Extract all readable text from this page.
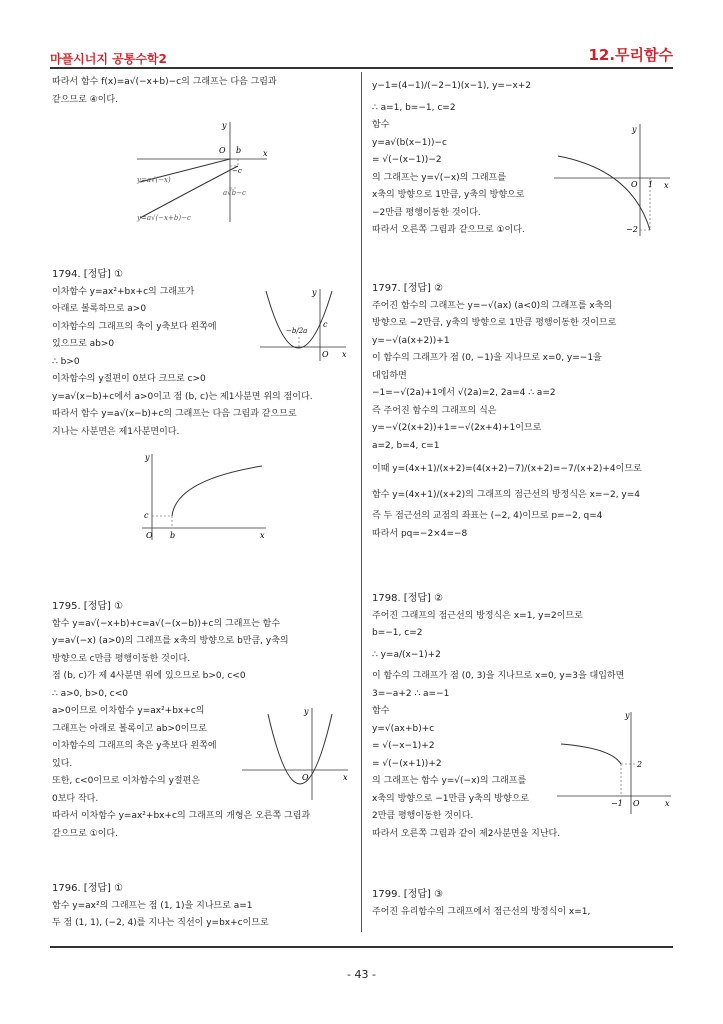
마플시너지 공통수학2	12.무리함수

따라서 함수 f(x)=a√(−x+b)−c의 그래프는 다음 그림과

같으므로 ④이다.

y
x
O b
−c
y=a√(−x)
a√b−c
y=a√(−x+b)−c

1794. [정답] ①

이차함수 y=ax²+bx+c의 그래프가

아래로 볼록하므로 a>0

이차함수의 그래프의 축이 y축보다 왼쪽에

있으므로 ab>0

∴ b>0

이차함수의 y절편이 0보다 크므로 c>0

y=a√(x−b)+c에서 a>0이고 점 (b, c)는 제1사분면 위의 점이다.

따라서 함수 y=a√(x−b)+c의 그래프는 다음 그림과 같으므로

지나는 사분면은 제1사분면이다.

y
x
O
c
−b/2a
y
x
O b
c

1795. [정답] ①

함수 y=a√(−x+b)+c=a√(−(x−b))+c의 그래프는 함수

y=a√(−x) (a>0)의 그래프를 x축의 방향으로 b만큼, y축의

방향으로 c만큼 평행이동한 것이다.

점 (b, c)가 제 4사분면 위에 있으므로 b>0, c<0

∴ a>0, b>0, c<0

a>0이므로 이차함수 y=ax²+bx+c의

그래프는 아래로 볼록이고 ab>0이므로

이차함수의 그래프의 축은 y축보다 왼쪽에

있다.

또한, c<0이므로 이차함수의 y절편은

0보다 작다.

따라서 이차함수 y=ax²+bx+c의 그래프의 개형은 오른쪽 그림과

같으므로 ①이다.

y
x
O

1796. [정답] ①

함수 y=ax²의 그래프는 점 (1, 1)을 지나므로 a=1

두 점 (1, 1), (−2, 4)를 지나는 직선이 y=bx+c이므로

y−1=(4−1)/(−2−1)(x−1), y=−x+2

∴ a=1, b=−1, c=2

함수

y=a√(b(x−1))−c

= √(−(x−1))−2

의 그래프는 y=√(−x)의 그래프를

x축의 방향으로 1만큼, y축의 방향으로

−2만큼 평행이동한 것이다.

따라서 오른쪽 그림과 같으므로 ①이다.

y
x
O 1
−2

1797. [정답] ②

주어진 함수의 그래프는 y=−√(ax) (a<0)의 그래프를 x축의

방향으로 −2만큼, y축의 방향으로 1만큼 평행이동한 것이므로

y=−√(a(x+2))+1

이 함수의 그래프가 점 (0, −1)을 지나므로 x=0, y=−1을

대입하면

−1=−√(2a)+1에서 √(2a)=2, 2a=4 ∴ a=2

즉 주어진 함수의 그래프의 식은

y=−√(2(x+2))+1=−√(2x+4)+1이므로

a=2, b=4, c=1

이때 y=(4x+1)/(x+2)=(4(x+2)−7)/(x+2)=−7/(x+2)+4이므로

함수 y=(4x+1)/(x+2)의 그래프의 점근선의 방정식은 x=−2, y=4

즉 두 점근선의 교점의 좌표는 (−2, 4)이므로 p=−2, q=4

따라서 pq=−2×4=−8

1798. [정답] ②

주어진 그래프의 점근선의 방정식은 x=1, y=2이므로

b=−1, c=2

∴ y=a/(x−1)+2

이 함수의 그래프가 점 (0, 3)을 지나므로 x=0, y=3을 대입하면

3=−a+2 ∴ a=−1

함수

y=√(ax+b)+c

= √(−x−1)+2

= √(−(x+1))+2

의 그래프는 함수 y=√(−x)의 그래프를

x축의 방향으로 −1만큼 y축의 방향으로

2만큼 평행이동한 것이다.

따라서 오른쪽 그림과 같이 제2사분면을 지난다.

y
x
O
−1
2

1799. [정답] ③

주어진 유리함수의 그래프에서 점근선의 방정식이 x=1,

- 43 -
